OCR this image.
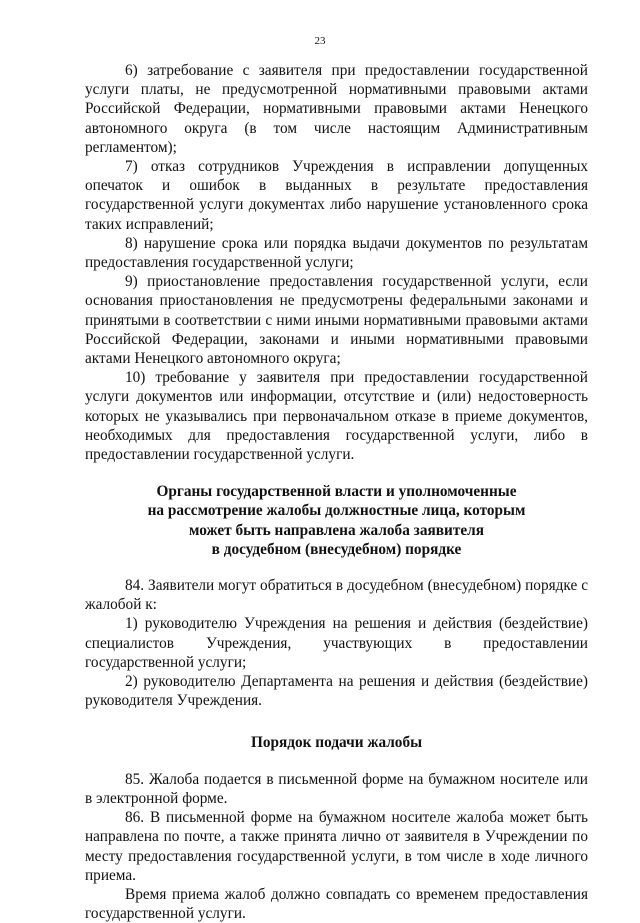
23

6) затребование с заявителя при предоставлении государственной услуги платы, не предусмотренной нормативными правовыми актами Российской Федерации, нормативными правовыми актами Ненецкого автономного округа (в том числе настоящим Административным регламентом);

7) отказ сотрудников Учреждения в исправлении допущенных опечаток и ошибок в выданных в результате предоставления государственной услуги документах либо нарушение установленного срока таких исправлений;

8) нарушение срока или порядка выдачи документов по результатам предоставления государственной услуги;

9) приостановление предоставления государственной услуги, если основания приостановления не предусмотрены федеральными законами и принятыми в соответствии с ними иными нормативными правовыми актами Российской Федерации, законами и иными нормативными правовыми актами Ненецкого автономного округа;

10) требование у заявителя при предоставлении государственной услуги документов или информации, отсутствие и (или) недостоверность которых не указывались при первоначальном отказе в приеме документов, необходимых для предоставления государственной услуги, либо в предоставлении государственной услуги.

Органы государственной власти и уполномоченные
на рассмотрение жалобы должностные лица, которым
может быть направлена жалоба заявителя
в досудебном (внесудебном) порядке

84. Заявители могут обратиться в досудебном (внесудебном) порядке с жалобой к:

1) руководителю Учреждения на решения и действия (бездействие) специалистов Учреждения, участвующих в предоставлении государственной услуги;

2) руководителю Департамента на решения и действия (бездействие) руководителя Учреждения.

Порядок подачи жалобы

85. Жалоба подается в письменной форме на бумажном носителе или в электронной форме.

86. В письменной форме на бумажном носителе жалоба может быть направлена по почте, а также принята лично от заявителя в Учреждении по месту предоставления государственной услуги, в том числе в ходе личного приема.

Время приема жалоб должно совпадать со временем предоставления государственной услуги.
